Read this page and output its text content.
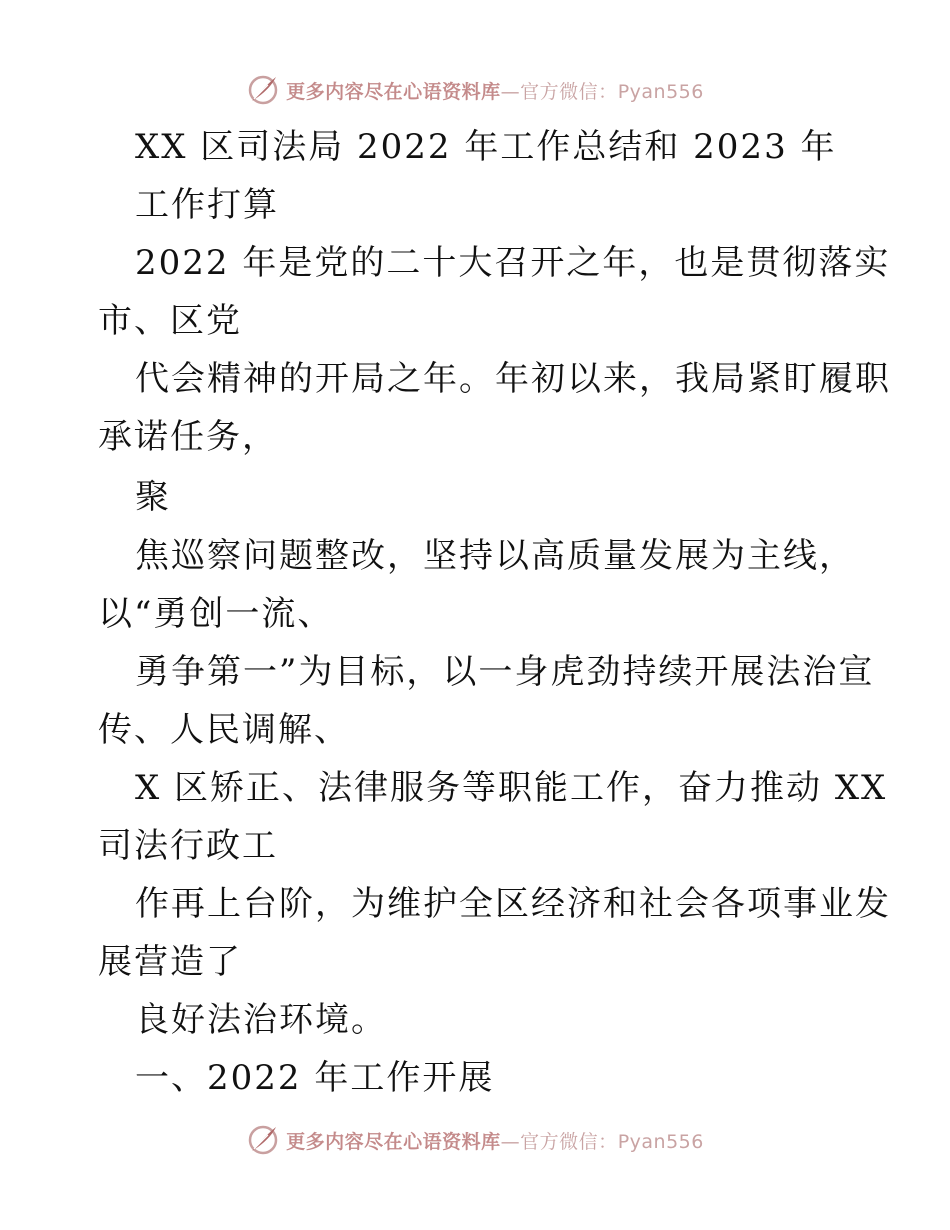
更多内容尽在心语资料库—官方微信：Pyan556
XX 区司法局 2022 年工作总结和 2023 年
工作打算
2022 年是党的二十大召开之年，也是贯彻落实
市、区党
代会精神的开局之年。年初以来，我局紧盯履职
承诺任务，
聚
焦巡察问题整改，坚持以高质量发展为主线，
以“勇创一流、
勇争第一”为目标，以一身虎劲持续开展法治宣
传、人民调解、
X 区矫正、法律服务等职能工作，奋力推动 XX
司法行政工
作再上台阶，为维护全区经济和社会各项事业发
展营造了
良好法治环境。
一、2022 年工作开展
更多内容尽在心语资料库—官方微信：Pyan556
